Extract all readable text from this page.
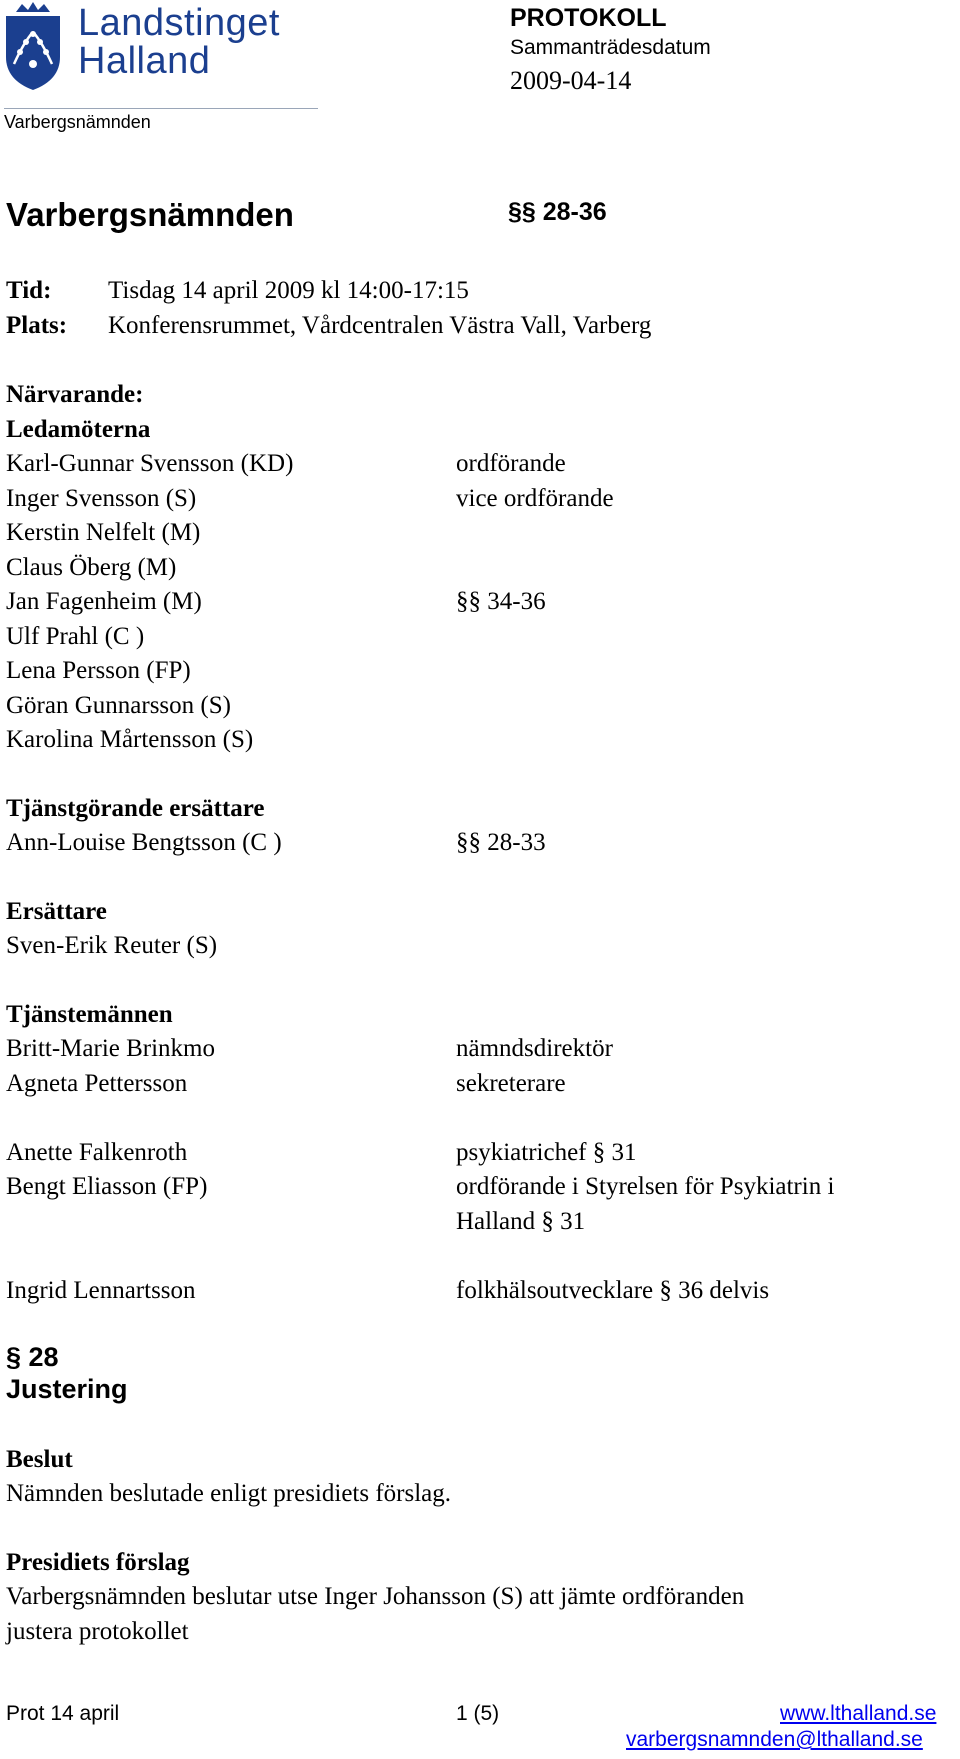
Landstinget
Halland
Varbergsnämnden
PROTOKOLL
Sammanträdesdatum
2009-04-14
Varbergsnämnden	§§ 28-36
Tid: Tisdag 14 april 2009 kl 14:00-17:15
Plats: Konferensrummet, Vårdcentralen Västra Vall, Varberg
Närvarande:
Ledamöterna
Karl-Gunnar Svensson (KD)	ordförande
Inger Svensson (S)	vice ordförande
Kerstin Nelfelt (M)
Claus Öberg (M)
Jan Fagenheim (M)	§§ 34-36
Ulf Prahl (C )
Lena Persson (FP)
Göran Gunnarsson (S)
Karolina Mårtensson (S)
Tjänstgörande ersättare
Ann-Louise Bengtsson (C )	§§ 28-33
Ersättare
Sven-Erik Reuter (S)
Tjänstemännen
Britt-Marie Brinkmo	nämndsdirektör
Agneta Pettersson	sekreterare
Anette Falkenroth	psykiatrichef § 31
Bengt Eliasson (FP)	ordförande i Styrelsen för Psykiatrin i
Halland § 31
Ingrid Lennartsson	folkhälsoutvecklare § 36 delvis
§ 28
Justering
Beslut
Nämnden beslutade enligt presidiets förslag.
Presidiets förslag
Varbergsnämnden beslutar utse Inger Johansson (S) att jämte ordföranden
justera protokollet
Prot 14 april	1 (5)	www.lthalland.se
varbergsnamnden@lthalland.se
